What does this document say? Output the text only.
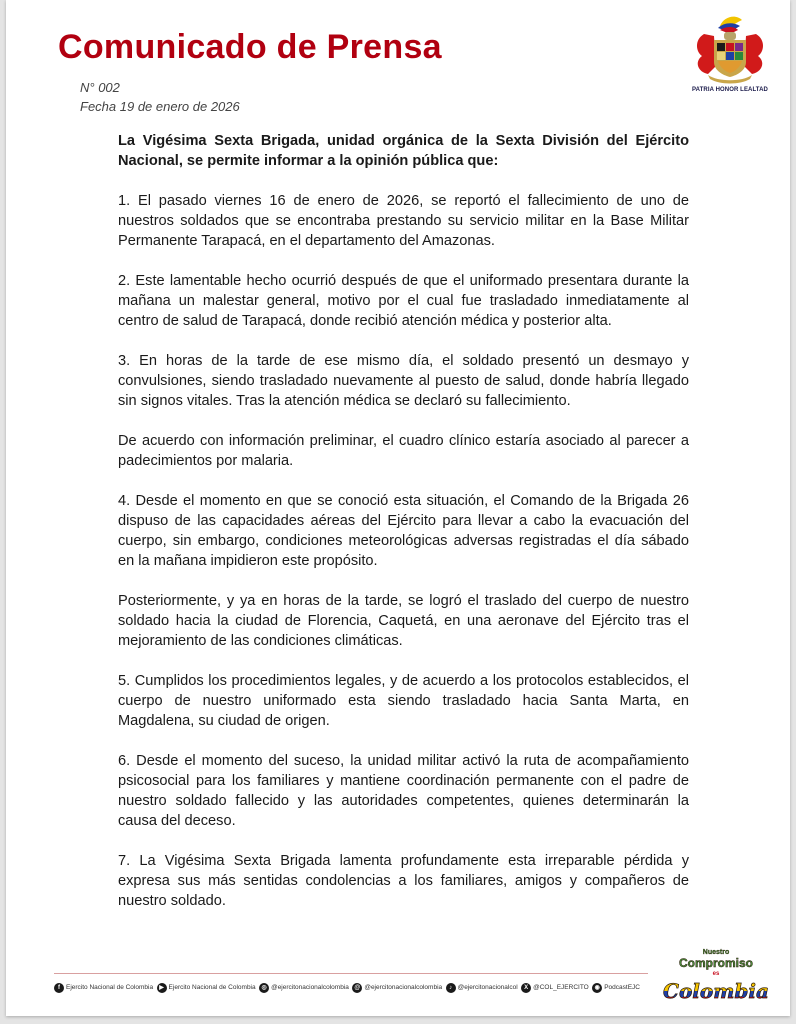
Comunicado de Prensa
N° 002
Fecha 19 de enero de 2026
PATRIA HONOR LEALTAD

La Vigésima Sexta Brigada, unidad orgánica de la Sexta División del Ejército Nacional, se permite informar a la opinión pública que:

1. El pasado viernes 16 de enero de 2026, se reportó el fallecimiento de uno de nuestros soldados que se encontraba prestando su servicio militar en la Base Militar Permanente Tarapacá, en el departamento del Amazonas.

2. Este lamentable hecho ocurrió después de que el uniformado presentara durante la mañana un malestar general, motivo por el cual fue trasladado inmediatamente al centro de salud de Tarapacá, donde recibió atención médica y posterior alta.

3. En horas de la tarde de ese mismo día, el soldado presentó un desmayo y convulsiones, siendo trasladado nuevamente al puesto de salud, donde habría llegado sin signos vitales. Tras la atención médica se declaró su fallecimiento.

De acuerdo con información preliminar, el cuadro clínico estaría asociado al parecer a padecimientos por malaria.

4. Desde el momento en que se conoció esta situación, el Comando de la Brigada 26 dispuso de las capacidades aéreas del Ejército para llevar a cabo la evacuación del cuerpo, sin embargo, condiciones meteorológicas adversas registradas el día sábado en la mañana impidieron este propósito.

Posteriormente, y ya en horas de la tarde, se logró el traslado del cuerpo de nuestro soldado hacia la ciudad de Florencia, Caquetá, en una aeronave del Ejército tras el mejoramiento de las condiciones climáticas.

5. Cumplidos los procedimientos legales, y de acuerdo a los protocolos establecidos, el cuerpo de nuestro uniformado esta siendo trasladado hacia Santa Marta, en Magdalena, su ciudad de origen.

6. Desde el momento del suceso, la unidad militar activó la ruta de acompañamiento psicosocial para los familiares y mantiene coordinación permanente con el padre de nuestro soldado fallecido y las autoridades competentes, quienes determinarán la causa del deceso.

7. La Vigésima Sexta Brigada lamenta profundamente esta irreparable pérdida y expresa sus más sentidas condolencias a los familiares, amigos y compañeros de nuestro soldado.

f Ejercito Nacional de Colombia	▶ Ejercito Nacional de Colombia ◎ @ejercitonacionalcolombia @ @ejercitonacionalcolombia	♪ @ejercitonacionalcol	X @COL_EJERCITO ◉ PodcastEJC
Nuestro
Compromiso
es
Colombia
